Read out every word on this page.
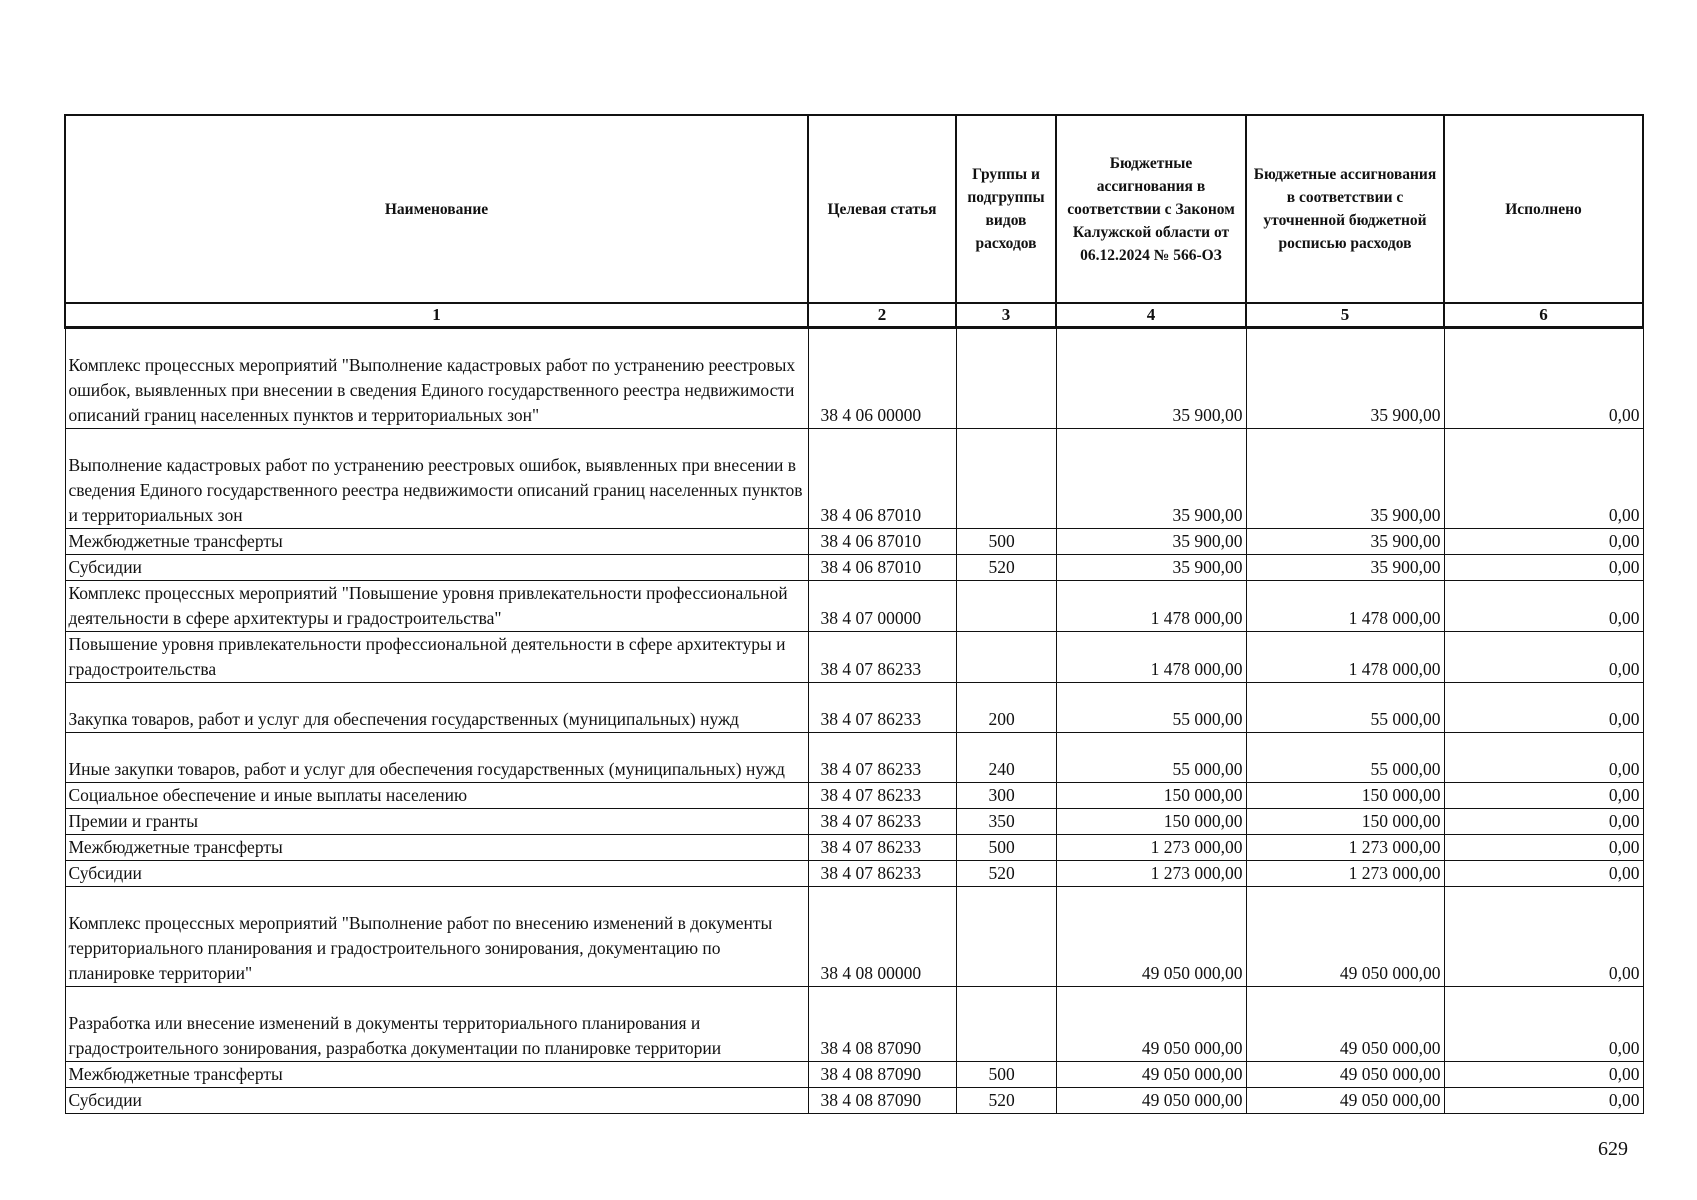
Наименование	Целевая статья	Группы и подгруппы видов расходов	Бюджетные ассигнования в соответствии с Законом Калужской области от 06.12.2024 № 566-ОЗ	Бюджетные ассигнования в соответствии с уточненной бюджетной росписью расходов	Исполнено
1	2	3	4	5	6
Комплекс процессных мероприятий "Выполнение кадастровых работ по устранению реестровых ошибок, выявленных при внесении в сведения Единого государственного реестра недвижимости описаний границ населенных пунктов и территориальных зон"	38 4 06 00000		35 900,00	35 900,00	0,00
Выполнение кадастровых работ по устранению реестровых ошибок, выявленных при внесении в сведения Единого государственного реестра недвижимости описаний границ населенных пунктов и территориальных зон	38 4 06 87010		35 900,00	35 900,00	0,00
Межбюджетные трансферты	38 4 06 87010	500	35 900,00	35 900,00	0,00
Субсидии	38 4 06 87010	520	35 900,00	35 900,00	0,00
Комплекс процессных мероприятий "Повышение уровня привлекательности профессиональной деятельности в сфере архитектуры и градостроительства"	38 4 07 00000		1 478 000,00	1 478 000,00	0,00
Повышение уровня привлекательности профессиональной деятельности в сфере архитектуры и градостроительства	38 4 07 86233		1 478 000,00	1 478 000,00	0,00
Закупка товаров, работ и услуг для обеспечения государственных (муниципальных) нужд	38 4 07 86233	200	55 000,00	55 000,00	0,00
Иные закупки товаров, работ и услуг для обеспечения государственных (муниципальных) нужд	38 4 07 86233	240	55 000,00	55 000,00	0,00
Социальное обеспечение и иные выплаты населению	38 4 07 86233	300	150 000,00	150 000,00	0,00
Премии и гранты	38 4 07 86233	350	150 000,00	150 000,00	0,00
Межбюджетные трансферты	38 4 07 86233	500	1 273 000,00	1 273 000,00	0,00
Субсидии	38 4 07 86233	520	1 273 000,00	1 273 000,00	0,00
Комплекс процессных мероприятий "Выполнение работ по внесению изменений в документы территориального планирования и градостроительного зонирования, документацию по планировке территории"	38 4 08 00000		49 050 000,00	49 050 000,00	0,00
Разработка или внесение изменений в документы территориального планирования и градостроительного зонирования, разработка документации по планировке территории	38 4 08 87090		49 050 000,00	49 050 000,00	0,00
Межбюджетные трансферты	38 4 08 87090	500	49 050 000,00	49 050 000,00	0,00
Субсидии	38 4 08 87090	520	49 050 000,00	49 050 000,00	0,00
629
